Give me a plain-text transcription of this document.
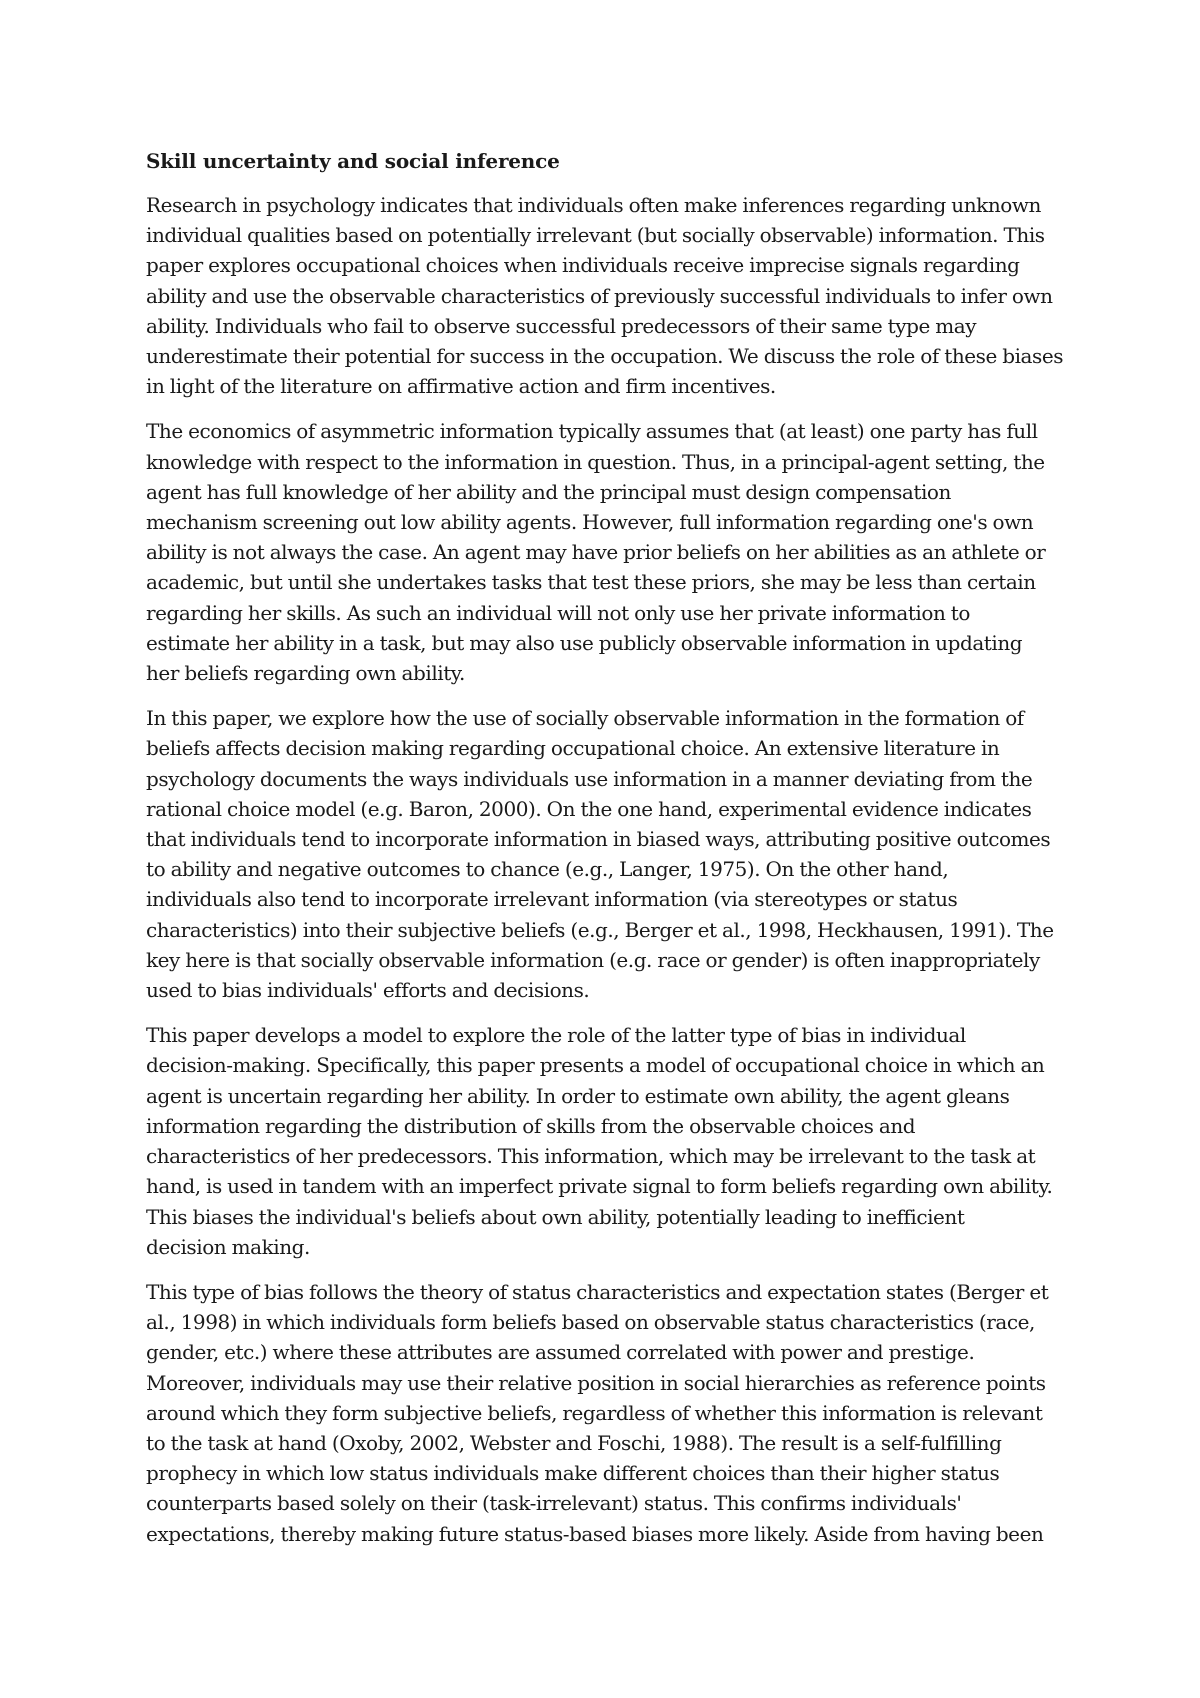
Skill uncertainty and social inference
Research in psychology indicates that individuals often make inferences regarding unknown
individual qualities based on potentially irrelevant (but socially observable) information. This
paper explores occupational choices when individuals receive imprecise signals regarding
ability and use the observable characteristics of previously successful individuals to infer own
ability. Individuals who fail to observe successful predecessors of their same type may
underestimate their potential for success in the occupation. We discuss the role of these biases
in light of the literature on affirmative action and firm incentives.
The economics of asymmetric information typically assumes that (at least) one party has full
knowledge with respect to the information in question. Thus, in a principal-agent setting, the
agent has full knowledge of her ability and the principal must design compensation
mechanism screening out low ability agents. However, full information regarding one's own
ability is not always the case. An agent may have prior beliefs on her abilities as an athlete or
academic, but until she undertakes tasks that test these priors, she may be less than certain
regarding her skills. As such an individual will not only use her private information to
estimate her ability in a task, but may also use publicly observable information in updating
her beliefs regarding own ability.
In this paper, we explore how the use of socially observable information in the formation of
beliefs affects decision making regarding occupational choice. An extensive literature in
psychology documents the ways individuals use information in a manner deviating from the
rational choice model (e.g. Baron, 2000). On the one hand, experimental evidence indicates
that individuals tend to incorporate information in biased ways, attributing positive outcomes
to ability and negative outcomes to chance (e.g., Langer, 1975). On the other hand,
individuals also tend to incorporate irrelevant information (via stereotypes or status
characteristics) into their subjective beliefs (e.g., Berger et al., 1998, Heckhausen, 1991). The
key here is that socially observable information (e.g. race or gender) is often inappropriately
used to bias individuals' efforts and decisions.
This paper develops a model to explore the role of the latter type of bias in individual
decision-making. Specifically, this paper presents a model of occupational choice in which an
agent is uncertain regarding her ability. In order to estimate own ability, the agent gleans
information regarding the distribution of skills from the observable choices and
characteristics of her predecessors. This information, which may be irrelevant to the task at
hand, is used in tandem with an imperfect private signal to form beliefs regarding own ability.
This biases the individual's beliefs about own ability, potentially leading to inefficient
decision making.
This type of bias follows the theory of status characteristics and expectation states (Berger et
al., 1998) in which individuals form beliefs based on observable status characteristics (race,
gender, etc.) where these attributes are assumed correlated with power and prestige.
Moreover, individuals may use their relative position in social hierarchies as reference points
around which they form subjective beliefs, regardless of whether this information is relevant
to the task at hand (Oxoby, 2002, Webster and Foschi, 1988). The result is a self-fulfilling
prophecy in which low status individuals make different choices than their higher status
counterparts based solely on their (task-irrelevant) status. This confirms individuals'
expectations, thereby making future status-based biases more likely. Aside from having been
